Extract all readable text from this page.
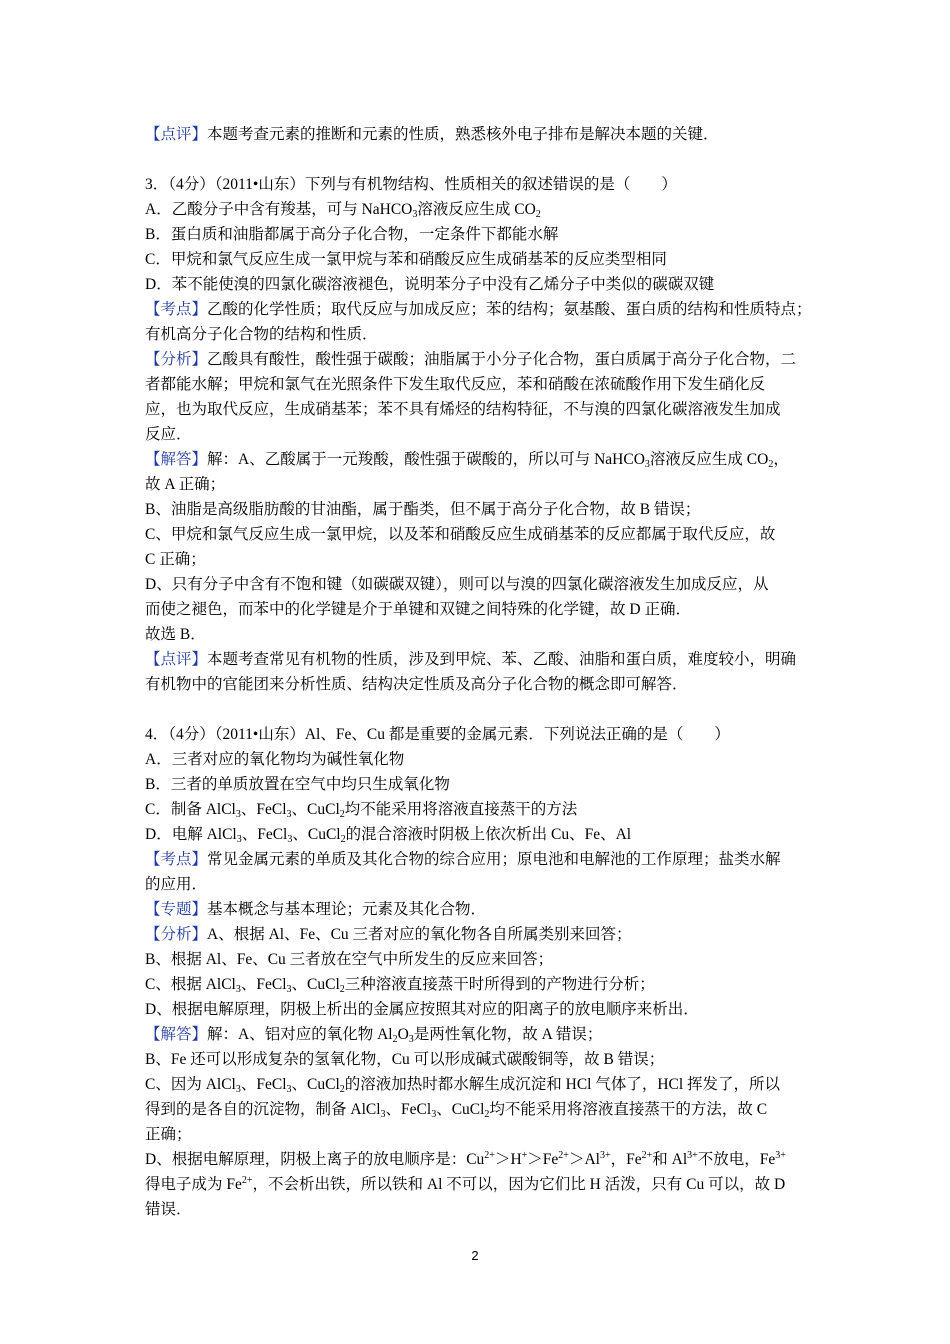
【点评】本题考查元素的推断和元素的性质，熟悉核外电子排布是解决本题的关键．
3．（4分）（2011•山东）下列与有机物结构、性质相关的叙述错误的是（　　）
A．乙酸分子中含有羧基，可与 NaHCO$_3$溶液反应生成 $CO_2$
B．蛋白质和油脂都属于高分子化合物，一定条件下都能水解
C．甲烷和氯气反应生成一氯甲烷与苯和硝酸反应生成硝基苯的反应类型相同
D．苯不能使溴的四氯化碳溶液褪色，说明苯分子中没有乙烯分子中类似的碳碳双键
【考点】乙酸的化学性质；取代反应与加成反应；苯的结构；氨基酸、蛋白质的结构和性质特点；
有机高分子化合物的结构和性质．
【分析】乙酸具有酸性，酸性强于碳酸；油脂属于小分子化合物，蛋白质属于高分子化合物，二
者都能水解；甲烷和氯气在光照条件下发生取代反应，苯和硝酸在浓硫酸作用下发生硝化反
应，也为取代反应，生成硝基苯；苯不具有烯烃的结构特征，不与溴的四氯化碳溶液发生加成
反应．
【解答】解：A、乙酸属于一元羧酸，酸性强于碳酸的，所以可与 NaHCO$_3$溶液反应生成 $CO_2$，
故 A 正确；
B、油脂是高级脂肪酸的甘油酯，属于酯类，但不属于高分子化合物，故 B 错误；
C、甲烷和氯气反应生成一氯甲烷，以及苯和硝酸反应生成硝基苯的反应都属于取代反应，故
C 正确；
D、只有分子中含有不饱和键（如碳碳双键），则可以与溴的四氯化碳溶液发生加成反应，从
而使之褪色，而苯中的化学键是介于单键和双键之间特殊的化学键，故 D 正确．
故选 B．
【点评】本题考查常见有机物的性质，涉及到甲烷、苯、乙酸、油脂和蛋白质，难度较小，明确
有机物中的官能团来分析性质、结构决定性质及高分子化合物的概念即可解答．
4．（4分）（2011•山东）Al、Fe、Cu 都是重要的金属元素．下列说法正确的是（　　）
A．三者对应的氧化物均为碱性氧化物
B．三者的单质放置在空气中均只生成氧化物
C．制备 AlCl$_3$、FeCl$_3$、CuCl$_2$均不能采用将溶液直接蒸干的方法
D．电解 AlCl$_3$、FeCl$_3$、CuCl$_2$的混合溶液时阴极上依次析出 Cu、Fe、Al
【考点】常见金属元素的单质及其化合物的综合应用；原电池和电解池的工作原理；盐类水解
的应用．
【专题】基本概念与基本理论；元素及其化合物．
【分析】A、根据 Al、Fe、Cu 三者对应的氧化物各自所属类别来回答；
B、根据 Al、Fe、Cu 三者放在空气中所发生的反应来回答；
C、根据 AlCl$_3$、FeCl$_3$、CuCl$_2$三种溶液直接蒸干时所得到的产物进行分析；
D、根据电解原理，阴极上析出的金属应按照其对应的阳离子的放电顺序来析出．
【解答】解：A、铝对应的氧化物 $Al_2O_3$是两性氧化物，故 A 错误；
B、Fe 还可以形成复杂的氢氧化物，Cu 可以形成碱式碳酸铜等，故 B 错误；
C、因为 AlCl$_3$、FeCl$_3$、CuCl$_2$的溶液加热时都水解生成沉淀和 HCl 气体了，HCl 挥发了，所以
得到的是各自的沉淀物，制备 AlCl$_3$、FeCl$_3$、CuCl$_2$均不能采用将溶液直接蒸干的方法，故 C
正确；
D、根据电解原理，阴极上离子的放电顺序是：$Cu^{2+}>H^+>Fe^{2+}>Al^{3+}$，$Fe^{2+}$和 $Al^{3+}$不放电，$Fe^{3+}$
得电子成为 $Fe^{2+}$，不会析出铁，所以铁和 Al 不可以，因为它们比 H 活泼，只有 Cu 可以，故 D
错误．
2
